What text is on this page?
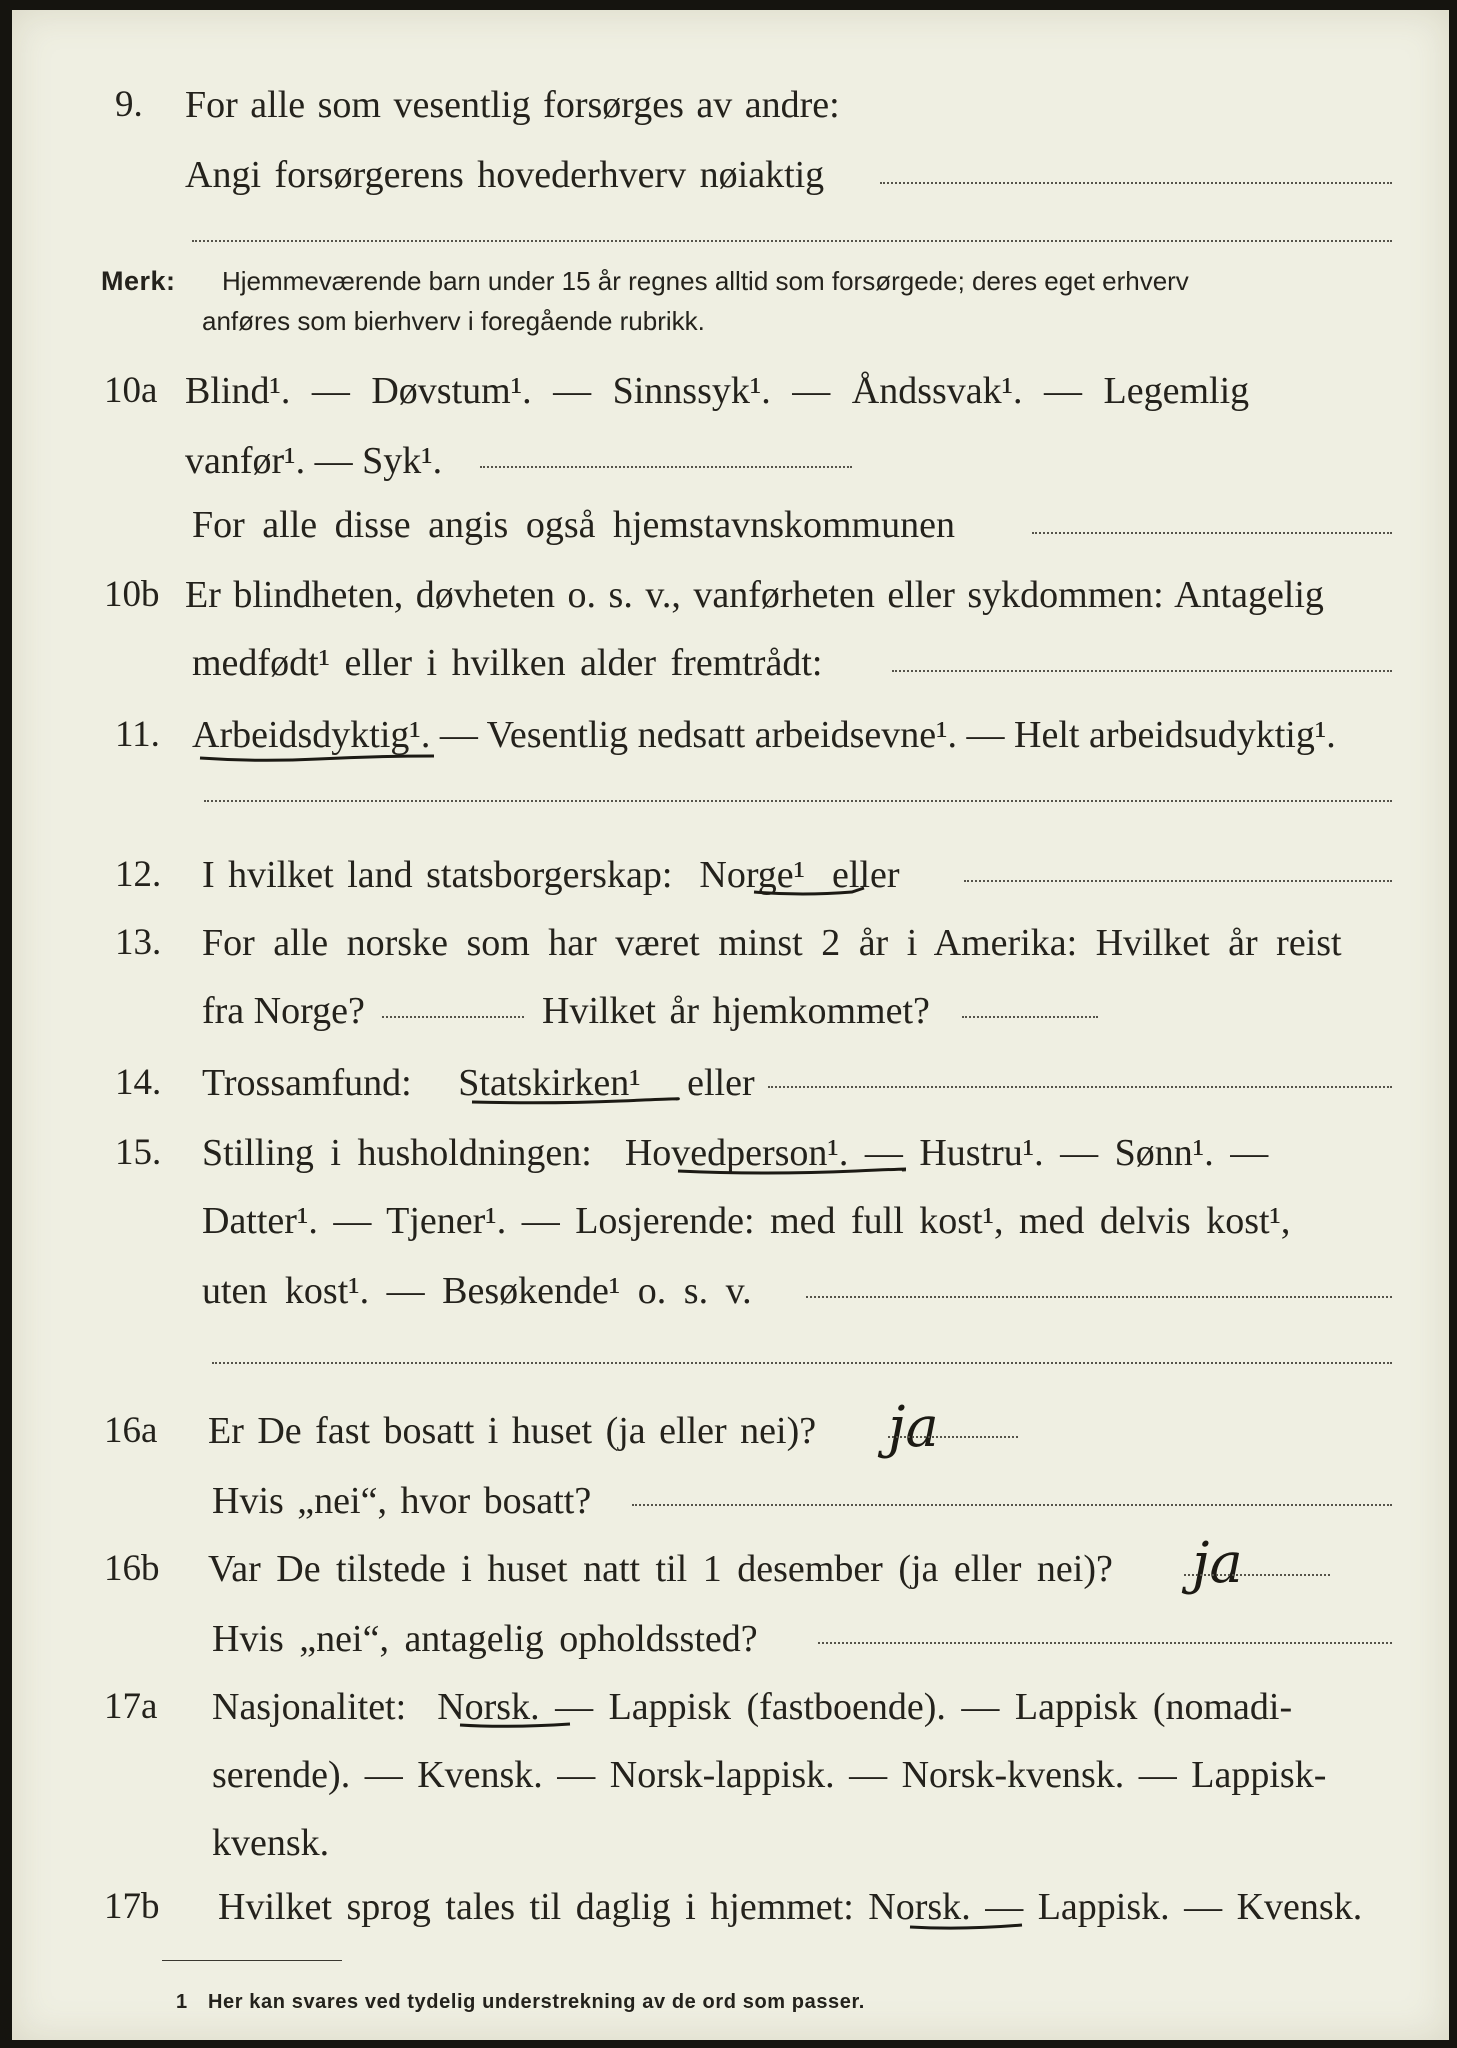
9. For alle som vesentlig forsørges av andre:
Angi forsørgerens hovederhverv nøiaktig
Merk: Hjemmeværende barn under 15 år regnes alltid som forsørgede; deres eget erhverv
anføres som bierhverv i foregående rubrikk.
10a Blind¹. — Døvstum¹. — Sinnssyk¹. — Åndssvak¹. — Legemlig
vanfør¹. — Syk¹.
For alle disse angis også hjemstavnskommunen
10b Er blindheten, døvheten o. s. v., vanførheten eller sykdommen: Antagelig
medfødt¹ eller i hvilken alder fremtrådt:
11. Arbeidsdyktig¹. — Vesentlig nedsatt arbeidsevne¹. — Helt arbeidsudyktig¹.
12. I hvilket land statsborgerskap: Norge¹ eller
13. For alle norske som har været minst 2 år i Amerika: Hvilket år reist
fra Norge?	Hvilket år hjemkommet?
14. Trossamfund: Statskirken¹ eller
15. Stilling i husholdningen: Hovedperson¹. — Hustru¹. — Sønn¹. —
Datter¹. — Tjener¹. — Losjerende: med full kost¹, med delvis kost¹,
uten kost¹. — Besøkende¹ o. s. v.
16a Er De fast bosatt i huset (ja eller nei)? ja
Hvis „nei“, hvor bosatt?
16b Var De tilstede i huset natt til 1 desember (ja eller nei)? ja
Hvis „nei“, antagelig opholdssted?
17a Nasjonalitet: Norsk. — Lappisk (fastboende). — Lappisk (nomadi-
serende). — Kvensk. — Norsk-lappisk. — Norsk-kvensk. — Lappisk-
kvensk.
17b Hvilket sprog tales til daglig i hjemmet: Norsk. — Lappisk. — Kvensk.
1 Her kan svares ved tydelig understrekning av de ord som passer.
